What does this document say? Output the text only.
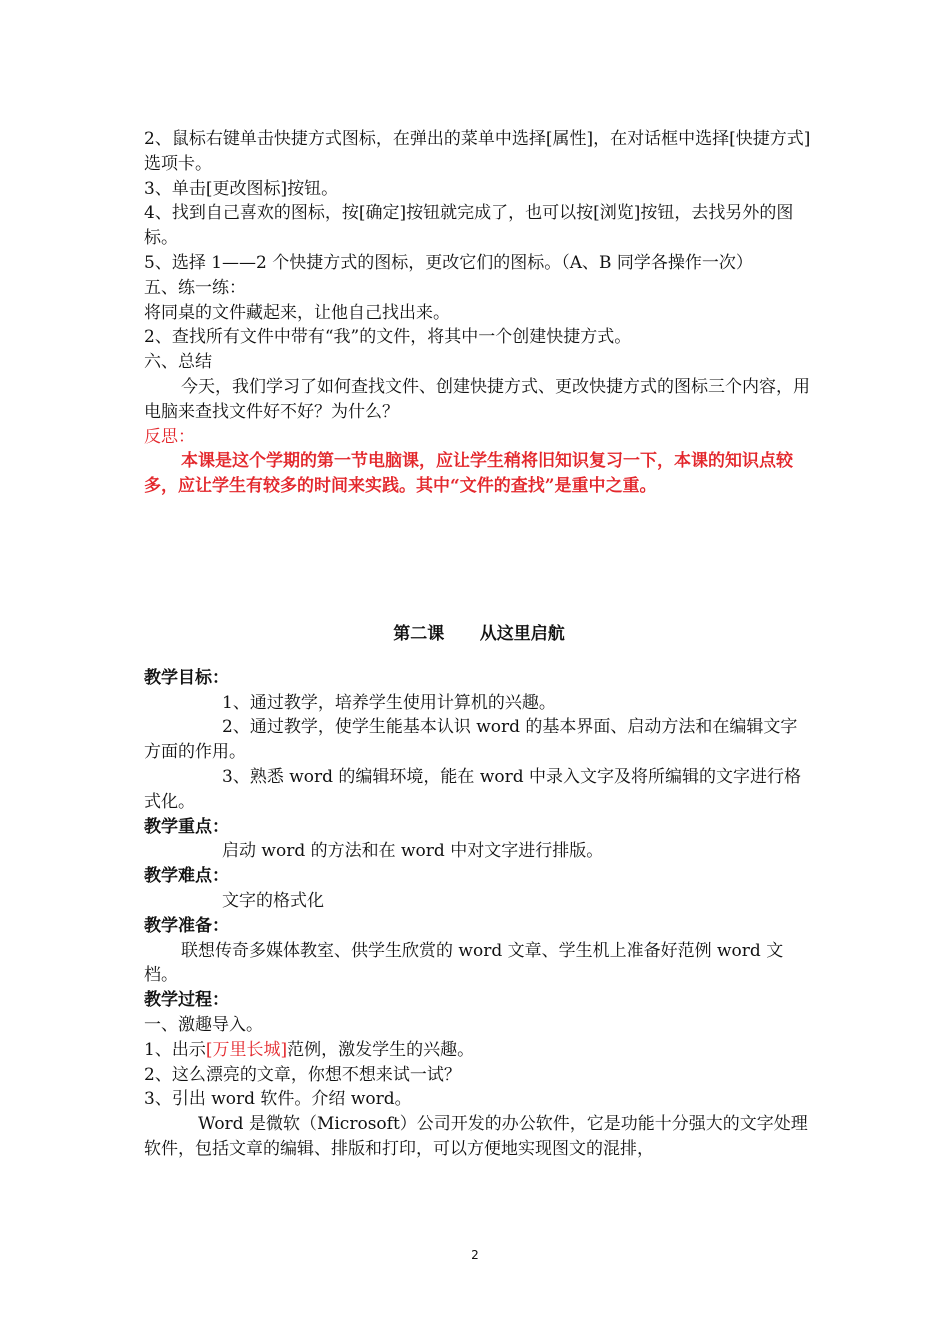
2、鼠标右键单击快捷方式图标，在弹出的菜单中选择[属性]，在对话框中选择[快捷方式]选项卡。

3、单击[更改图标]按钮。

4、找到自己喜欢的图标，按[确定]按钮就完成了，也可以按[浏览]按钮，去找另外的图标。

5、选择 1——2 个快捷方式的图标，更改它们的图标。（A、B 同学各操作一次）

五、练一练：

将同桌的文件藏起来，让他自己找出来。

2、查找所有文件中带有“我”的文件，将其中一个创建快捷方式。

六、总结

今天，我们学习了如何查找文件、创建快捷方式、更改快捷方式的图标三个内容，用电脑来查找文件好不好？为什么？

反思：

本课是这个学期的第一节电脑课，应让学生稍将旧知识复习一下，本课的知识点较多，应让学生有较多的时间来实践。其中“文件的查找”是重中之重。

第二课      从这里启航

教学目标：

1、通过教学，培养学生使用计算机的兴趣。

2、通过教学，使学生能基本认识 word 的基本界面、启动方法和在编辑文字方面的作用。

3、熟悉 word 的编辑环境，能在 word 中录入文字及将所编辑的文字进行格式化。

教学重点：

启动 word 的方法和在 word 中对文字进行排版。

教学难点：

文字的格式化

教学准备：

联想传奇多媒体教室、供学生欣赏的 word 文章、学生机上准备好范例 word 文档。

教学过程：

一、激趣导入。

1、出示[万里长城]范例，激发学生的兴趣。

2、这么漂亮的文章，你想不想来试一试？

3、引出 word 软件。介绍 word。

Word 是微软（Microsoft）公司开发的办公软件，它是功能十分强大的文字处理软件，包括文章的编辑、排版和打印，可以方便地实现图文的混排，

2
